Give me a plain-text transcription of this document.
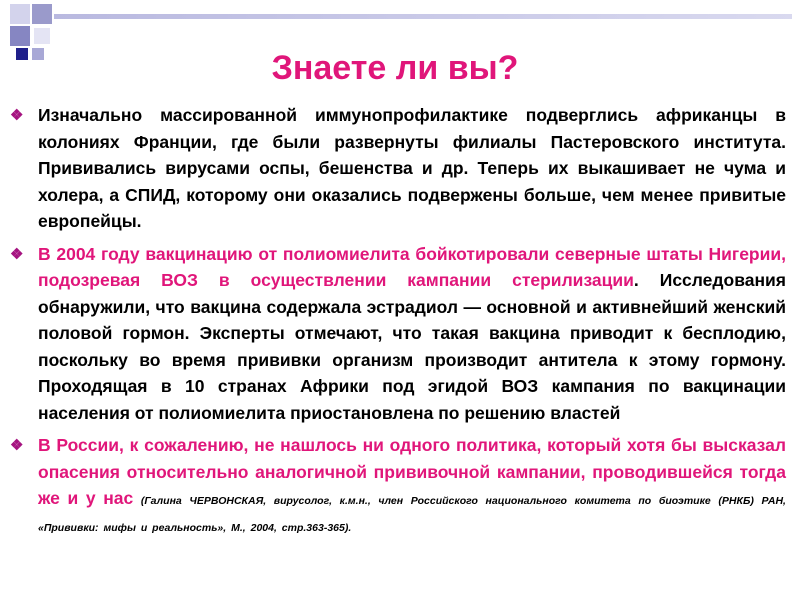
Знаете ли вы?
❖ Изначально массированной иммунопрофилактике подверглись африканцы в колониях Франции, где были развернуты филиалы Пастеровского института. Прививались вирусами оспы, бешенства и др. Теперь их выкашивает не чума и холера, а СПИД, которому они оказались подвержены больше, чем менее привитые европейцы.
❖ В 2004 году вакцинацию от полиомиелита бойкотировали северные штаты Нигерии, подозревая ВОЗ в осуществлении кампании стерилизации. Исследования обнаружили, что вакцина содержала эстрадиол — основной и активнейший женский половой гормон. Эксперты отмечают, что такая вакцина приводит к бесплодию, поскольку во время прививки организм производит антитела к этому гормону. Проходящая в 10 странах Африки под эгидой ВОЗ кампания по вакцинации населения от полиомиелита приостановлена по решению властей
❖ В России, к сожалению, не нашлось ни одного политика, который хотя бы высказал опасения относительно аналогичной прививочной кампании, проводившейся тогда же и у нас (Галина ЧЕРВОНСКАЯ, вирусолог, к.м.н., член Российского национального комитета по биоэтике (РНКБ) РАН, «Прививки: мифы и реальность», М., 2004, стр.363-365).
